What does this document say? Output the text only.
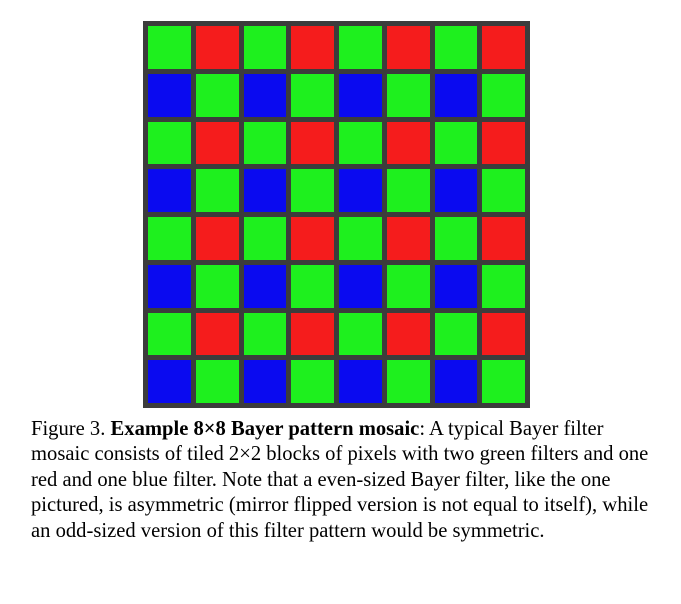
Figure 3. Example 8×8 Bayer pattern mosaic: A typical Bayer filter mosaic consists of tiled 2×2 blocks of pixels with two green filters and one red and one blue filter. Note that a even-sized Bayer filter, like the one pictured, is asymmetric (mirror flipped version is not equal to itself), while an odd-sized version of this filter pattern would be symmetric.
